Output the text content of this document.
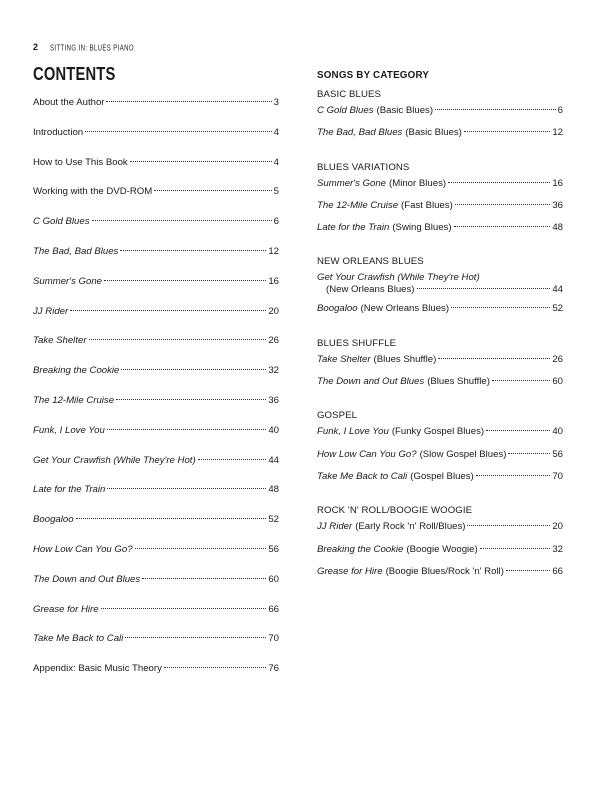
2 SITTING IN: BLUES PIANO
CONTENTS
About the Author	3
Introduction	4
How to Use This Book	4
Working with the DVD-ROM	5
C Gold Blues	6
The Bad, Bad Blues	12
Summer's Gone	16
JJ Rider	20
Take Shelter	26
Breaking the Cookie	32
The 12-Mile Cruise	36
Funk, I Love You	40
Get Your Crawfish (While They're Hot)	44
Late for the Train	48
Boogaloo	52
How Low Can You Go?	56
The Down and Out Blues	60
Grease for Hire	66
Take Me Back to Cali	70
Appendix: Basic Music Theory	76
SONGS BY CATEGORY
BASIC BLUES
C Gold Blues (Basic Blues)	6
The Bad, Bad Blues (Basic Blues)	12
BLUES VARIATIONS
Summer's Gone (Minor Blues)	16
The 12-Mile Cruise (Fast Blues)	36
Late for the Train (Swing Blues)	48
NEW ORLEANS BLUES
Get Your Crawfish (While They're Hot)
(New Orleans Blues)	44
Boogaloo (New Orleans Blues)	52
BLUES SHUFFLE
Take Shelter (Blues Shuffle)	26
The Down and Out Blues (Blues Shuffle)	60
GOSPEL
Funk, I Love You (Funky Gospel Blues)	40
How Low Can You Go? (Slow Gospel Blues)	56
Take Me Back to Cali (Gospel Blues)	70
ROCK 'N' ROLL/BOOGIE WOOGIE
JJ Rider (Early Rock 'n' Roll/Blues)	20
Breaking the Cookie (Boogie Woogie)	32
Grease for Hire (Boogie Blues/Rock 'n' Roll)	66
